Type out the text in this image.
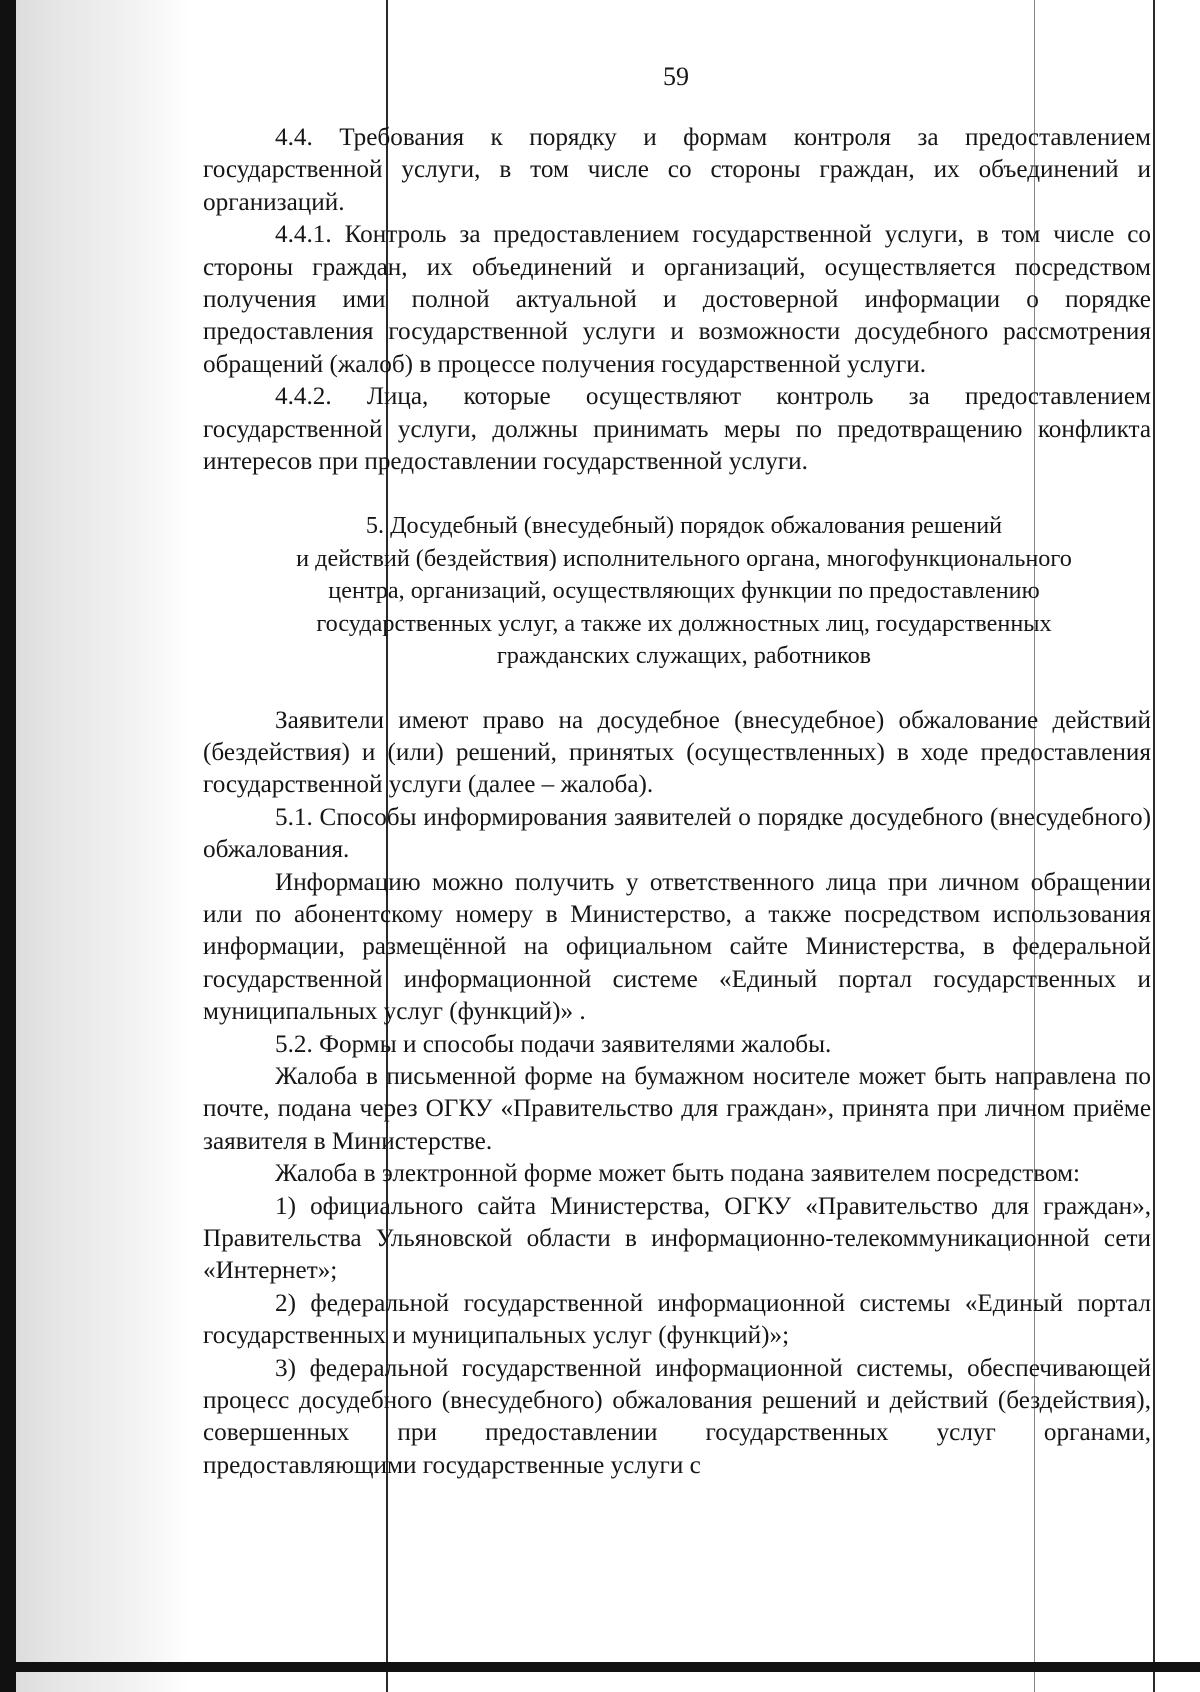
59

4.4. Требования к порядку и формам контроля за предоставлением государственной услуги, в том числе со стороны граждан, их объединений и организаций.

4.4.1. Контроль за предоставлением государственной услуги, в том числе со стороны граждан, их объединений и организаций, осуществляется посредством получения ими полной актуальной и достоверной информации о порядке предоставления государственной услуги и возможности досудебного рассмотрения обращений (жалоб) в процессе получения государственной услуги.

4.4.2. Лица, которые осуществляют контроль за предоставлением государственной услуги, должны принимать меры по предотвращению конфликта интересов при предоставлении государственной услуги.

5. Досудебный (внесудебный) порядок обжалования решений
и действий (бездействия) исполнительного органа, многофункционального
центра, организаций, осуществляющих функции по предоставлению
государственных услуг, а также их должностных лиц, государственных
гражданских служащих, работников

Заявители имеют право на досудебное (внесудебное) обжалование действий (бездействия) и (или) решений, принятых (осуществленных) в ходе предоставления государственной услуги (далее – жалоба).

5.1. Способы информирования заявителей о порядке досудебного (внесудебного) обжалования.

Информацию можно получить у ответственного лица при личном обращении или по абонентскому номеру в Министерство, а также посредством использования информации, размещённой на официальном сайте Министерства, в федеральной государственной информационной системе «Единый портал государственных и муниципальных услуг (функций)» .

5.2. Формы и способы подачи заявителями жалобы.

Жалоба в письменной форме на бумажном носителе может быть направлена по почте, подана через ОГКУ «Правительство для граждан», принята при личном приёме заявителя в Министерстве.

Жалоба в электронной форме может быть подана заявителем посредством:

1) официального сайта Министерства, ОГКУ «Правительство для граждан», Правительства Ульяновской области в информационно-телекоммуникационной сети «Интернет»;

2) федеральной государственной информационной системы «Единый портал государственных и муниципальных услуг (функций)»;

3) федеральной государственной информационной системы, обеспечивающей процесс досудебного (внесудебного) обжалования решений и действий (бездействия), совершенных при предоставлении государственных услуг органами, предоставляющими государственные услуги с
